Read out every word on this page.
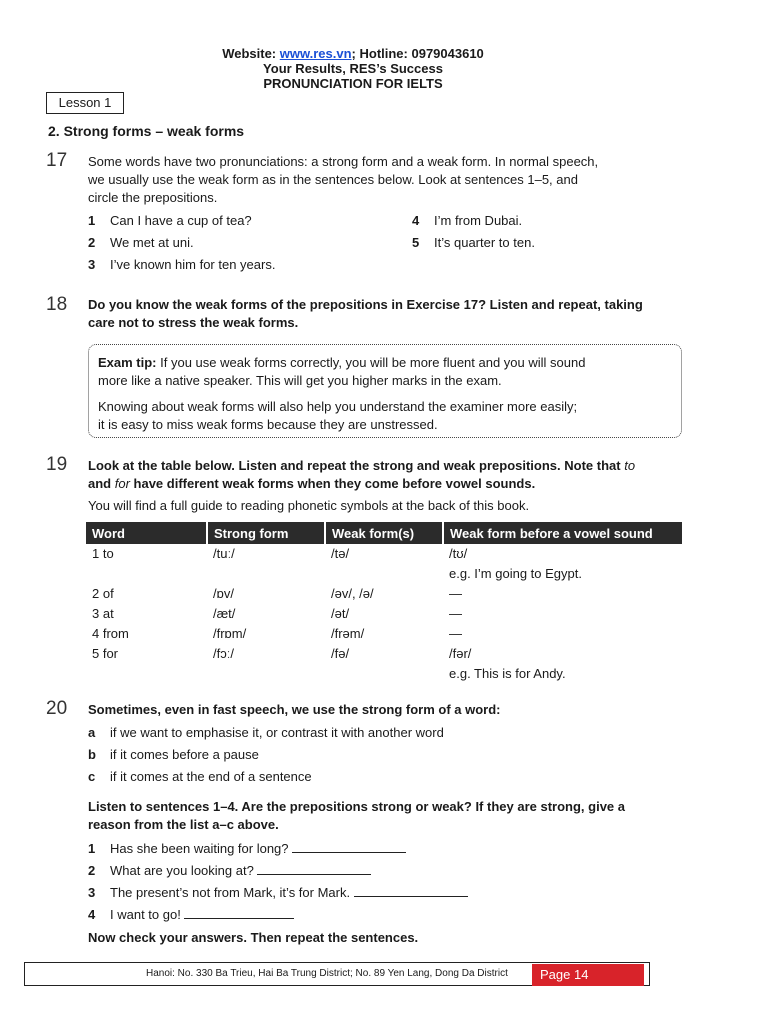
Website: www.res.vn; Hotline: 0979043610
Your Results, RES’s Success
PRONUNCIATION FOR IELTS
Lesson 1
2. Strong forms – weak forms
17 Some words have two pronunciations: a strong form and a weak form. In normal speech,
we usually use the weak form as in the sentences below. Look at sentences 1–5, and
circle the prepositions.
1 Can I have a cup of tea?
2 We met at uni.
3 I’ve known him for ten years.
4 I’m from Dubai.
5 It’s quarter to ten.
18 Do you know the weak forms of the prepositions in Exercise 17? Listen and repeat, taking
care not to stress the weak forms.
Exam tip: If you use weak forms correctly, you will be more fluent and you will sound
more like a native speaker. This will get you higher marks in the exam.
Knowing about weak forms will also help you understand the examiner more easily;
it is easy to miss weak forms because they are unstressed.
19 Look at the table below. Listen and repeat the strong and weak prepositions. Note that to
and for have different weak forms when they come before vowel sounds.
You will find a full guide to reading phonetic symbols at the back of this book.
Word	Strong form	Weak form(s)	Weak form before a vowel sound
1 to	/tuː/	/tə/	/tʊ/
e.g. I’m going to Egypt.

2 of	/ɒv/	/əv/, /ə/	—
3 at	/æt/	/ət/	—
4 from	/frɒm/	/frəm/	—
5 for	/fɔː/	/fə/	/fər/
e.g. This is for Andy.
20 Sometimes, even in fast speech, we use the strong form of a word:
a if we want to emphasise it, or contrast it with another word
b if it comes before a pause
c if it comes at the end of a sentence
Listen to sentences 1–4. Are the prepositions strong or weak? If they are strong, give a
reason from the list a–c above.
1 Has she been waiting for long?
2 What are you looking at?
3 The present’s not from Mark, it’s for Mark.
4 I want to go!
Now check your answers. Then repeat the sentences.
Hanoi: No. 330 Ba Trieu, Hai Ba Trung District; No. 89 Yen Lang, Dong Da District	Page 14
